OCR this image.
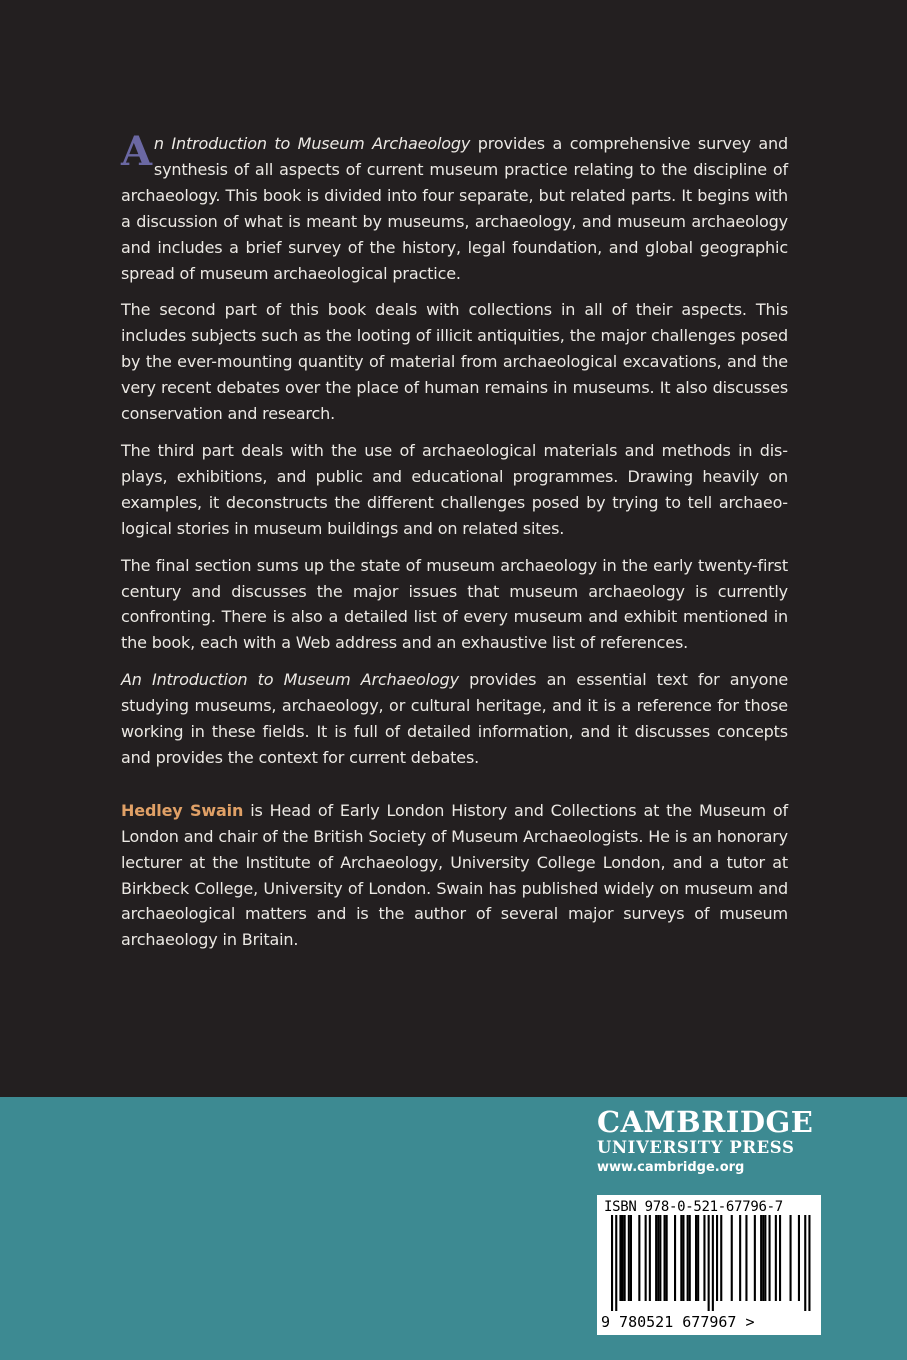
An Introduction to Museum Archaeology provides a comprehensive survey and synthesis of all aspects of current museum practice relating to the discipline of archaeology. This book is divided into four separate, but related parts. It begins with a discussion of what is meant by museums, archaeology, and museum archaeology and includes a brief survey of the history, legal foundation, and global geographic spread of museum archaeological practice.

The second part of this book deals with collections in all of their aspects. This includes subjects such as the looting of illicit antiquities, the major challenges posed by the ever-mounting quantity of material from archaeological excavations, and the very recent debates over the place of human remains in museums. It also discusses conservation and research.

The third part deals with the use of archaeological materials and methods in displays, exhibitions, and public and educational programmes. Drawing heavily on examples, it deconstructs the different challenges posed by trying to tell archaeological stories in museum buildings and on related sites.

The final section sums up the state of museum archaeology in the early twenty-first century and discusses the major issues that museum archaeology is currently confronting. There is also a detailed list of every museum and exhibit mentioned in the book, each with a Web address and an exhaustive list of references.

An Introduction to Museum Archaeology provides an essential text for anyone studying museums, archaeology, or cultural heritage, and it is a reference for those working in these fields. It is full of detailed information, and it discusses concepts and provides the context for current debates.

Hedley Swain is Head of Early London History and Collections at the Museum of London and chair of the British Society of Museum Archaeologists. He is an honorary lecturer at the Institute of Archaeology, University College London, and a tutor at Birkbeck College, University of London. Swain has published widely on museum and archaeological matters and is the author of several major surveys of museum archaeology in Britain.

CAMBRIDGE
UNIVERSITY PRESS
www.cambridge.org
ISBN 978-0-521-67796-7
9 780521 677967 >
